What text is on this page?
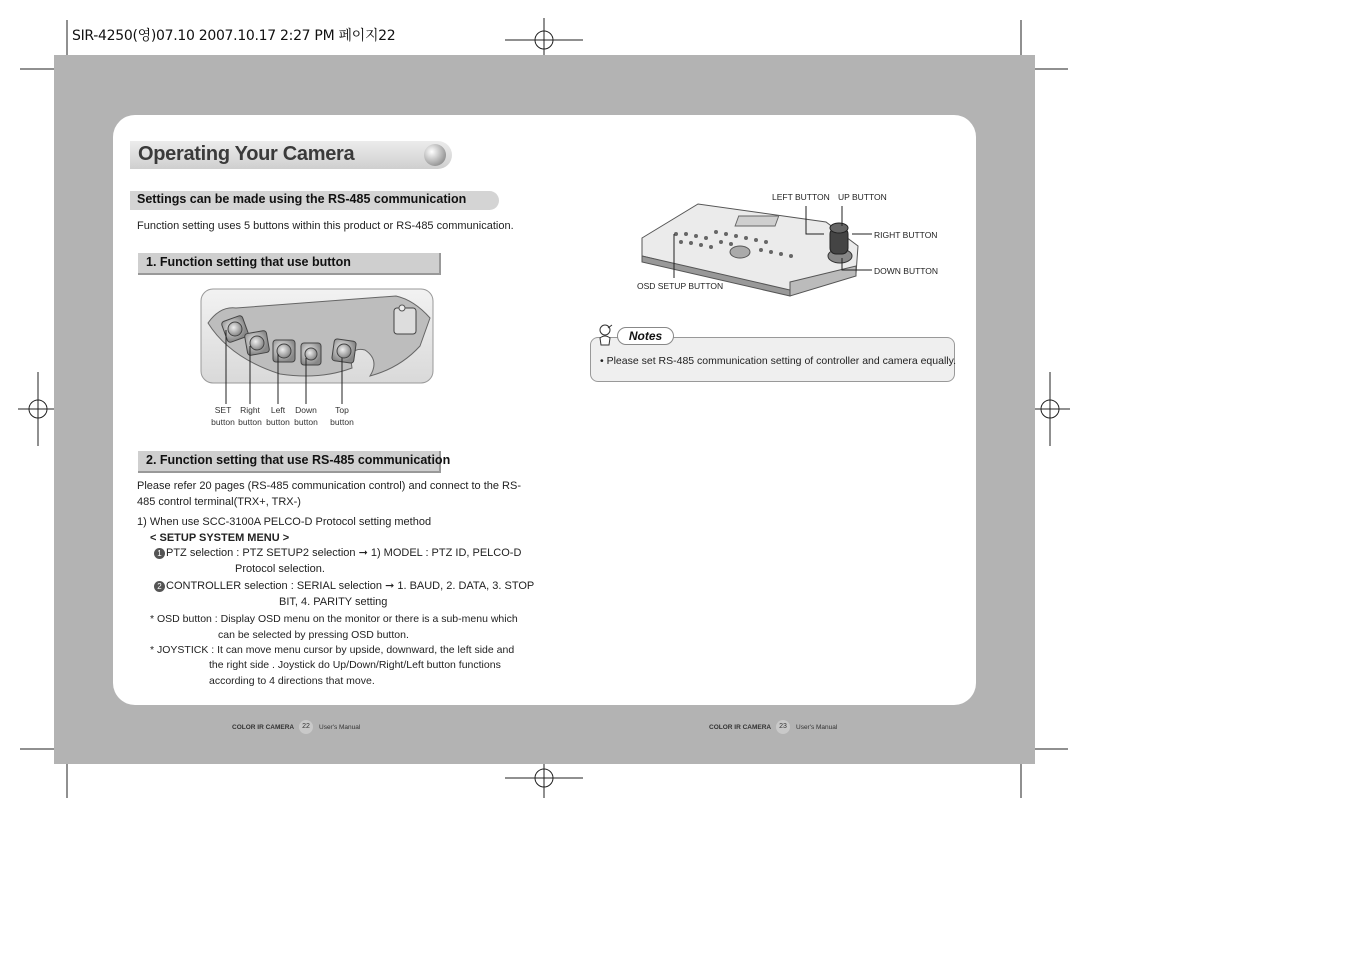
SIR-4250(영)07.10 2007.10.17 2:27 PM 페이지22
Operating Your Camera
Settings can be made using the RS-485 communication
Function setting uses 5 buttons within this product or RS-485 communication.
1. Function setting that use button
SET
button
Right
button
Left
button
Down
button
Top
button
2. Function setting that use RS-485 communication
Please refer 20 pages (RS-485 communication control) and connect to the RS-
485 control terminal(TRX+, TRX-)
1) When use SCC-3100A PELCO-D Protocol setting method
< SETUP SYSTEM MENU >
1 PTZ selection : PTZ SETUP2 selection ➞ 1) MODEL : PTZ ID, PELCO-D
Protocol selection.
2 CONTROLLER selection : SERIAL selection ➞ 1. BAUD, 2. DATA, 3. STOP
BIT, 4. PARITY setting
* OSD button : Display OSD menu on the monitor or there is a sub-menu which
can be selected by pressing OSD button.
* JOYSTICK : It can move menu cursor by upside, downward, the left side and
the right side . Joystick do Up/Down/Right/Left button functions
according to 4 directions that move.
LEFT BUTTON UP BUTTON
RIGHT BUTTON
DOWN BUTTON
OSD SETUP BUTTON
Notes
• Please set RS-485 communication setting of controller and camera equally.
COLOR IR CAMERA	22	User's Manual	COLOR IR CAMERA	23	User's Manual
